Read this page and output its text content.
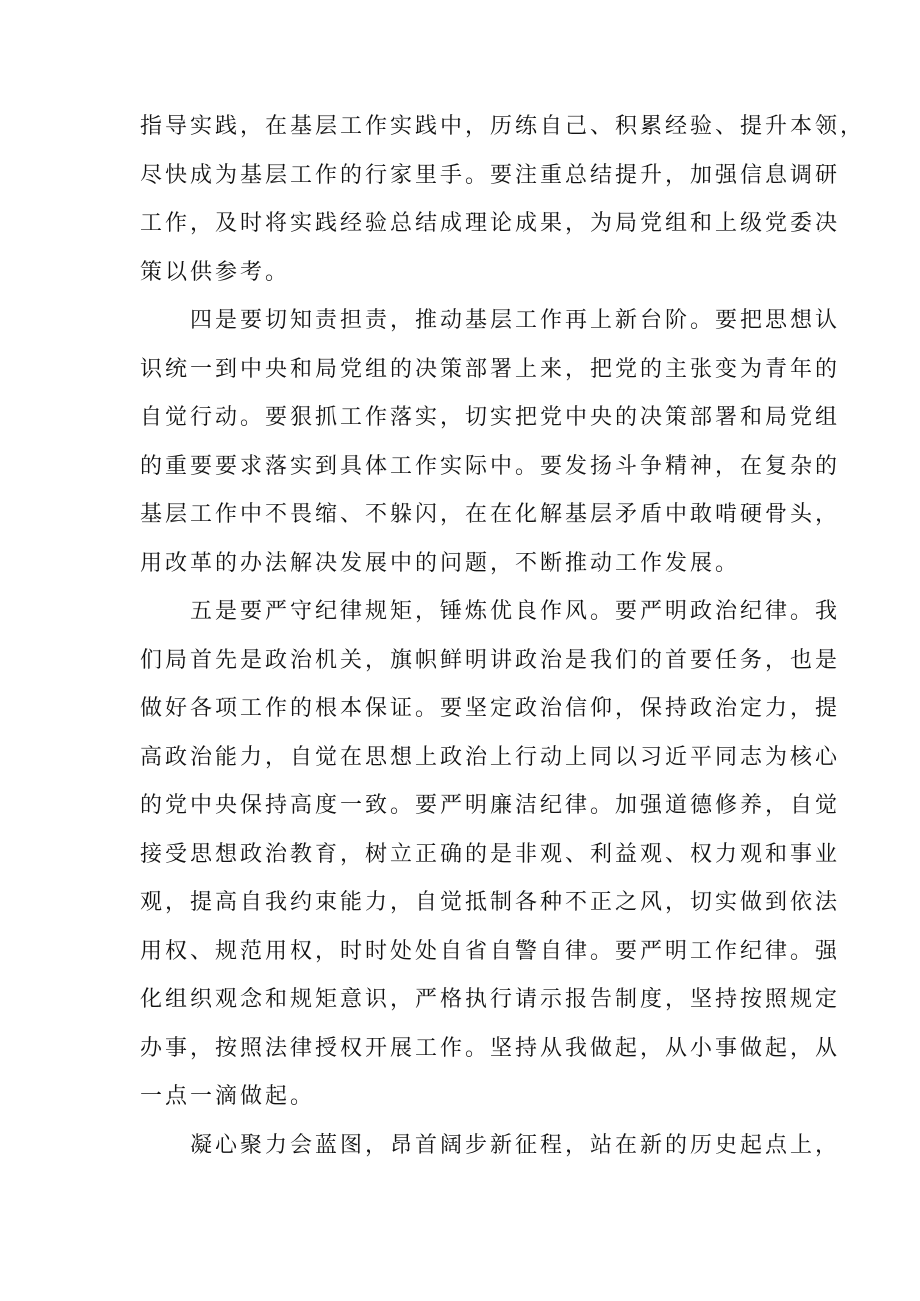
指导实践，在基层工作实践中，历练自己、积累经验、提升本领，
尽快成为基层工作的行家里手。要注重总结提升，加强信息调研
工作，及时将实践经验总结成理论成果，为局党组和上级党委决
策以供参考。
四是要切知责担责，推动基层工作再上新台阶。要把思想认
识统一到中央和局党组的决策部署上来，把党的主张变为青年的
自觉行动。要狠抓工作落实，切实把党中央的决策部署和局党组
的重要要求落实到具体工作实际中。要发扬斗争精神，在复杂的
基层工作中不畏缩、不躲闪，在在化解基层矛盾中敢啃硬骨头，
用改革的办法解决发展中的问题，不断推动工作发展。
五是要严守纪律规矩，锤炼优良作风。要严明政治纪律。我
们局首先是政治机关，旗帜鲜明讲政治是我们的首要任务，也是
做好各项工作的根本保证。要坚定政治信仰，保持政治定力，提
高政治能力，自觉在思想上政治上行动上同以习近平同志为核心
的党中央保持高度一致。要严明廉洁纪律。加强道德修养，自觉
接受思想政治教育，树立正确的是非观、利益观、权力观和事业
观，提高自我约束能力，自觉抵制各种不正之风，切实做到依法
用权、规范用权，时时处处自省自警自律。要严明工作纪律。强
化组织观念和规矩意识，严格执行请示报告制度，坚持按照规定
办事，按照法律授权开展工作。坚持从我做起，从小事做起，从
一点一滴做起。
凝心聚力会蓝图，昂首阔步新征程，站在新的历史起点上，
